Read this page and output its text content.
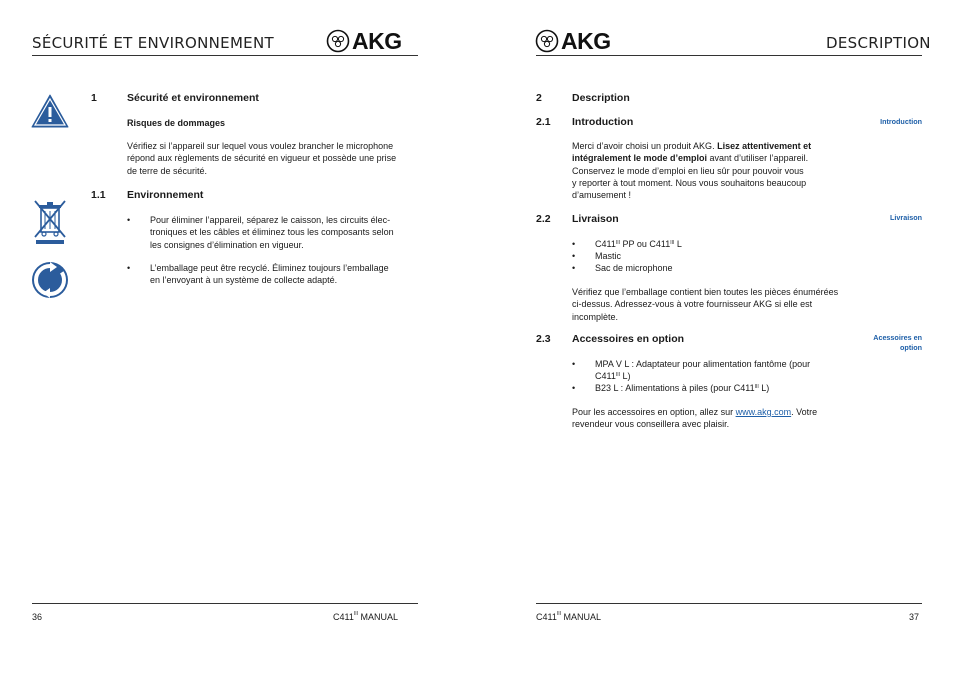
SÉCURITÉ ET ENVIRONNEMENT	AKG
1	Sécurité et environnement
Risques de dommages
Vérifiez si l’appareil sur lequel vous voulez brancher le microphone
répond aux règlements de sécurité en vigueur et possède une prise
de terre de sécurité.
1.1 Environnement
• Pour éliminer l’appareil, séparez le caisson, les circuits élec-
troniques et les câbles et éliminez tous les composants selon
les consignes d’élimination en vigueur.
• L’emballage peut être recyclé. Éliminez toujours l’emballage
en l’envoyant à un système de collecte adapté.
36	$C411^{III}$ MANUAL
AKG	DESCRIPTION
2	Description
2.1 Introduction	Introduction
Merci d’avoir choisi un produit AKG. Lisez attentivement et
intégralement le mode d’emploi avant d’utiliser l’appareil.
Conservez le mode d’emploi en lieu sûr pour pouvoir vous
y reporter à tout moment. Nous vous souhaitons beaucoup
d’amusement !
2.2 Livraison	Livraison
• $C411^{III}$ PP ou $C411^{III}$ L
• Mastic
• Sac de microphone
Vérifiez que l’emballage contient bien toutes les pièces énumérées
ci-dessus. Adressez-vous à votre fournisseur AKG si elle est
incomplète.
2.3 Accessoires en option	Acessoires en
option
• MPA V L : Adaptateur pour alimentation fantôme (pour
$C411^{III}$ L)
• B23 L : Alimentations à piles (pour $C411^{III}$ L)
Pour les accessoires en option, allez sur www.akg.com. Votre
revendeur vous conseillera avec plaisir.
$C411^{III}$ MANUAL	37
